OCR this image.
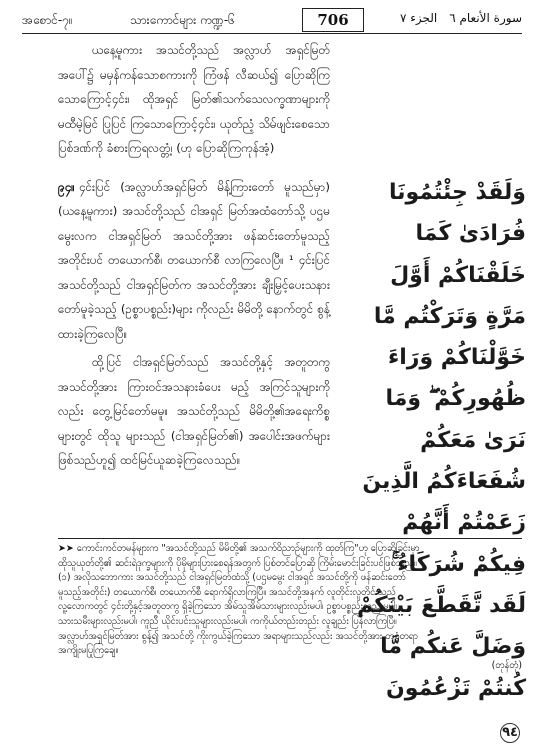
အစောင်-၇။	သားကောင်များ ကဏ္ဍ-၆	706	الجزء ٧ سورة الأنعام ٦

ယနေ့မူကား အသင်တို့သည် အလ္လာဟ် အရှင်မြတ်အပေါ်၌ မမှန်ကန်သောစကားကို ကြံဖန် လီဆယ်၍ ပြောဆိုကြသောကြောင့်၄င်း၊ ထိုအရှင် မြတ်၏သက်သေလက္ခဏာများကို မထီမဲ့မြင် ပြုပြင် ကြသောကြောင့်၄င်း၊ ယုတ်ညံ့ သိမ်ဖျင်းစေသော ပြစ်ဒဏ်ကို ခံစားကြရလတ္တံ့၊ (ဟု ပြောဆိုကြကုန်အံ့)

၉၄။ ၄င်းပြင် (အလ္လာဟ်အရှင်မြတ် မိန့်ကြားတော် မူသည်မှာ) (ယနေ့မူကား) အသင်တို့သည် ငါအရှင် မြတ်အထံတော်သို့ ပဌမမွေးလက ငါအရှင်မြတ် အသင်တို့အား ဖန်ဆင်းတော်မူသည့် အတိုင်းပင် တယောက်စီ၊ တယောက်စီ လာကြလေပြီ။ ¹ ၄င်းပြင် အသင်တို့သည် ငါအရှင်မြတ်က အသင်တို့အား ချီးမြှင့်ပေးသနားတော်မူခဲ့သည့် (ဥစ္စာပစ္စည်း)များ ကိုလည်း မိမိတို့ နောက်တွင် စွန့်ထားခဲ့ကြလေပြီ။

ထို့ပြင် ငါအရှင်မြတ်သည် အသင်တို့နှင့် အတူတကွ အသင်တို့အား ကြားဝင်အသနားခံပေး မည့် အကြင်သူများကိုလည်း တွေ့မြင်တော်မမူ။ အသင်တို့သည် မိမိတို့၏အရေးကိစ္စများတွင် ထိုသူ များသည် (ငါအရှင်မြတ်၏) အပေါင်းအဖက်များ ဖြစ်သည်ဟူ၍ ထင်မြင်ယူဆခဲ့ကြလေသည်။

وَلَقَدْ جِئْتُمُونَا فُرَادَىٰ كَمَا خَلَقْنَاكُمْ أَوَّلَ مَرَّةٍ وَتَرَكْتُم مَّا خَوَّلْنَاكُمْ وَرَاءَ ظُهُورِكُمْ ۖ وَمَا نَرَىٰ مَعَكُمْ شُفَعَاءَكُمُ الَّذِينَ زَعَمْتُمْ أَنَّهُمْ فِيكُمْ شُرَكَاءُ ۚ لَقَد تَّقَطَّعَ بَيْنَكُمْ وَضَلَّ عَنكُم مَّا كُنتُمْ تَزْعُمُونَ ٩٤

➤➤ ကောင်းကင်တမန်များက "အသင်တို့သည် မိမိတို့၏ အသက်ဝိညာဉ်များကို ထုတ်ကြ"ဟု ပြောဆိုခြင်းမှာ

ထိုသူယုတ်တို့၏ ဆင်းရဲဒုက္ခများကို ပိုမိုများပြားစေရန်အတွက် ပြစ်တင်ပြောဆို ကြိမ်းမောင်းခြင်းပင်ဖြစ်သည်။

(၁) အလိုသဘောကား အသင်တို့သည် ငါအရှင်မြတ်ထံသို့ (ပဌမမွေး ငါအရှင် အသင်တို့ကို ဖန်ဆင်းတော်

မူသည့်အတိုင်း) တယောက်စီ၊ တယောက်စီ ရောက်ရှိလာကြပြီ။ အသင်တို့အနက် လူတိုင်းလူတိုင်းသည်

လူ့လောကတွင် ၄င်းတို့နှင့်အတူတကွ ရှိခဲ့ကြသော အိမ်သူအိမ်သားများလည်းမပါ၊ ဥစ္စာပစ္စည်းလည်းမပါ၊

သားသမီးများလည်းမပါ၊ ကူညီ ယိုင်းပင်းသူများလည်းမပါ၊ ကကိုယ်တည်းတည်း လူချည်း ပြန်လာကြပြီ။

အလ္လာဟ်အရှင်မြတ်အား စွန့်၍ အသင်တို့ ကိုးကွယ်ခဲ့ကြသော အရာများသည်လည်း အသင်တို့အား တစုံတရာ

အကျိုးမပြုကြချေ။

(တုန်တုံ)
